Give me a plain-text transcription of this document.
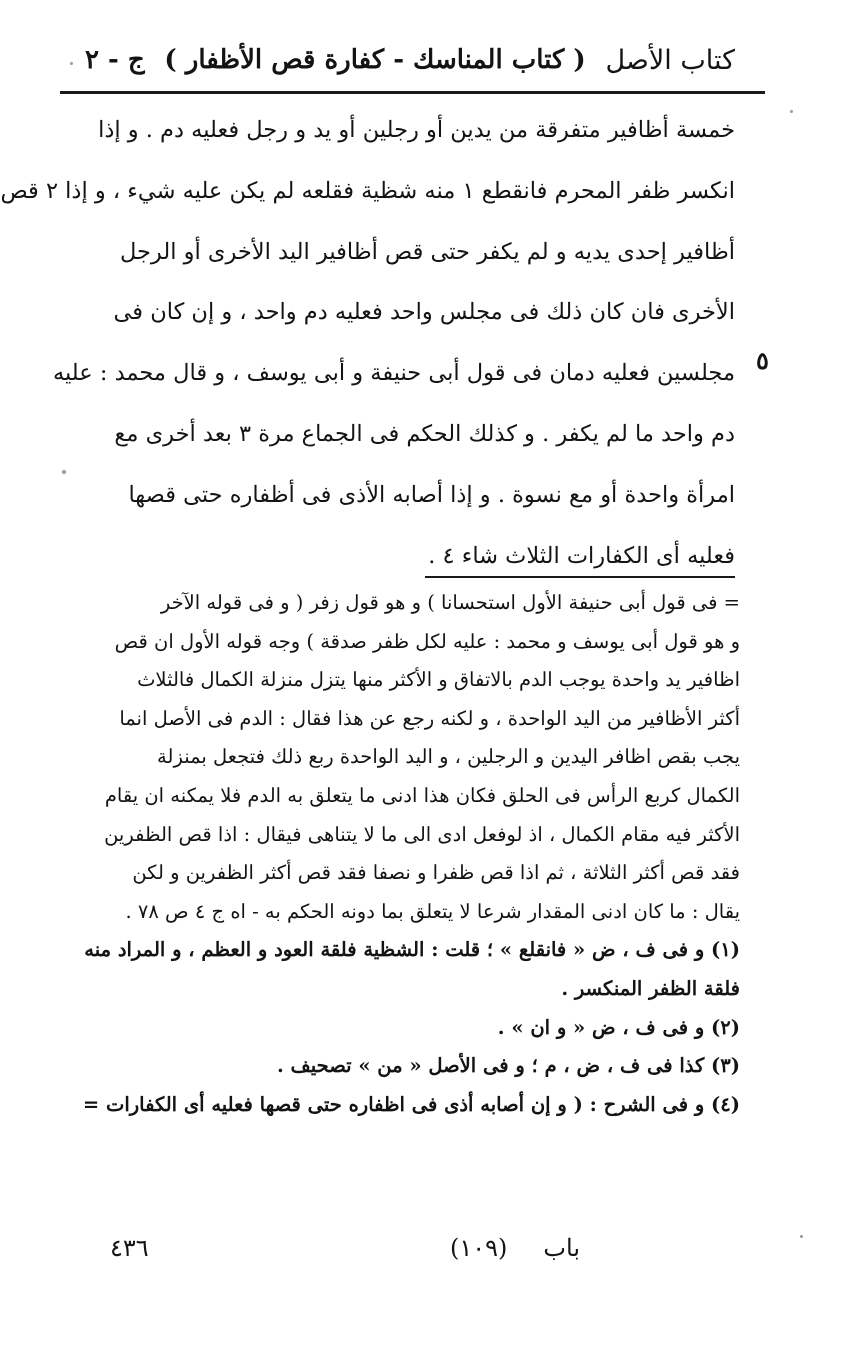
كتاب الأصل
( كتاب المناسك - كفارة قص الأظفار )
ج - ٢
خمسة أظافير متفرقة من يدين أو رجلين أو يد و رجل فعليه دم . و إذا
انكسر ظفر المحرم فانقطع ١ منه شظية فقلعه لم يكن عليه شيء ، و إذا ٢ قص
أظافير إحدى يديه و لم يكفر حتى قص أظافير اليد الأخرى أو الرجل
الأخرى فان كان ذلك فى مجلس واحد فعليه دم واحد ، و إن كان فى
مجلسين فعليه دمان فى قول أبى حنيفة و أبى يوسف ، و قال محمد : عليه
دم واحد ما لم يكفر . و كذلك الحكم فى الجماع مرة ٣ بعد أخرى مع
امرأة واحدة أو مع نسوة . و إذا أصابه الأذى فى أظفاره حتى قصها
فعليه أى الكفارات الثلاث شاء ٤ .
٥
= فى قول أبى حنيفة الأول استحسانا ) و هو قول زفر ( و فى قوله الآخر
و هو قول أبى يوسف و محمد : عليه لكل ظفر صدقة ) وجه قوله الأول ان قص
اظافير يد واحدة يوجب الدم بالاتفاق و الأكثر منها يتزل منزلة الكمال فالثلاث
أكثر الأظافير من اليد الواحدة ، و لكنه رجع عن هذا فقال : الدم فى الأصل انما
يجب بقص اظافر اليدين و الرجلين ، و اليد الواحدة ربع ذلك فتجعل بمنزلة
الكمال كربع الرأس فى الحلق فكان هذا ادنى ما يتعلق به الدم فلا يمكنه ان يقام
الأكثر فيه مقام الكمال ، اذ لوفعل ادى الى ما لا يتناهى فيقال : اذا قص الظفرين
فقد قص أكثر الثلاثة ، ثم اذا قص ظفرا و نصفا فقد قص أكثر الظفرين و لكن
يقال : ما كان ادنى المقدار شرعا لا يتعلق بما دونه الحكم به - اه ج ٤ ص ٧٨ .
(١) و فى ف ، ض « فانقلع » ؛ قلت : الشظية فلقة العود و العظم ، و المراد منه
فلقة الظفر المنكسر .
(٢) و فى ف ، ض « و ان » .
(٣) كذا فى ف ، ض ، م ؛ و فى الأصل « من » تصحيف .
(٤) و فى الشرح : ( و إن أصابه أذى فى اظفاره حتى قصها فعليه أى الكفارات =
باب
(١٠٩)
٤٣٦
